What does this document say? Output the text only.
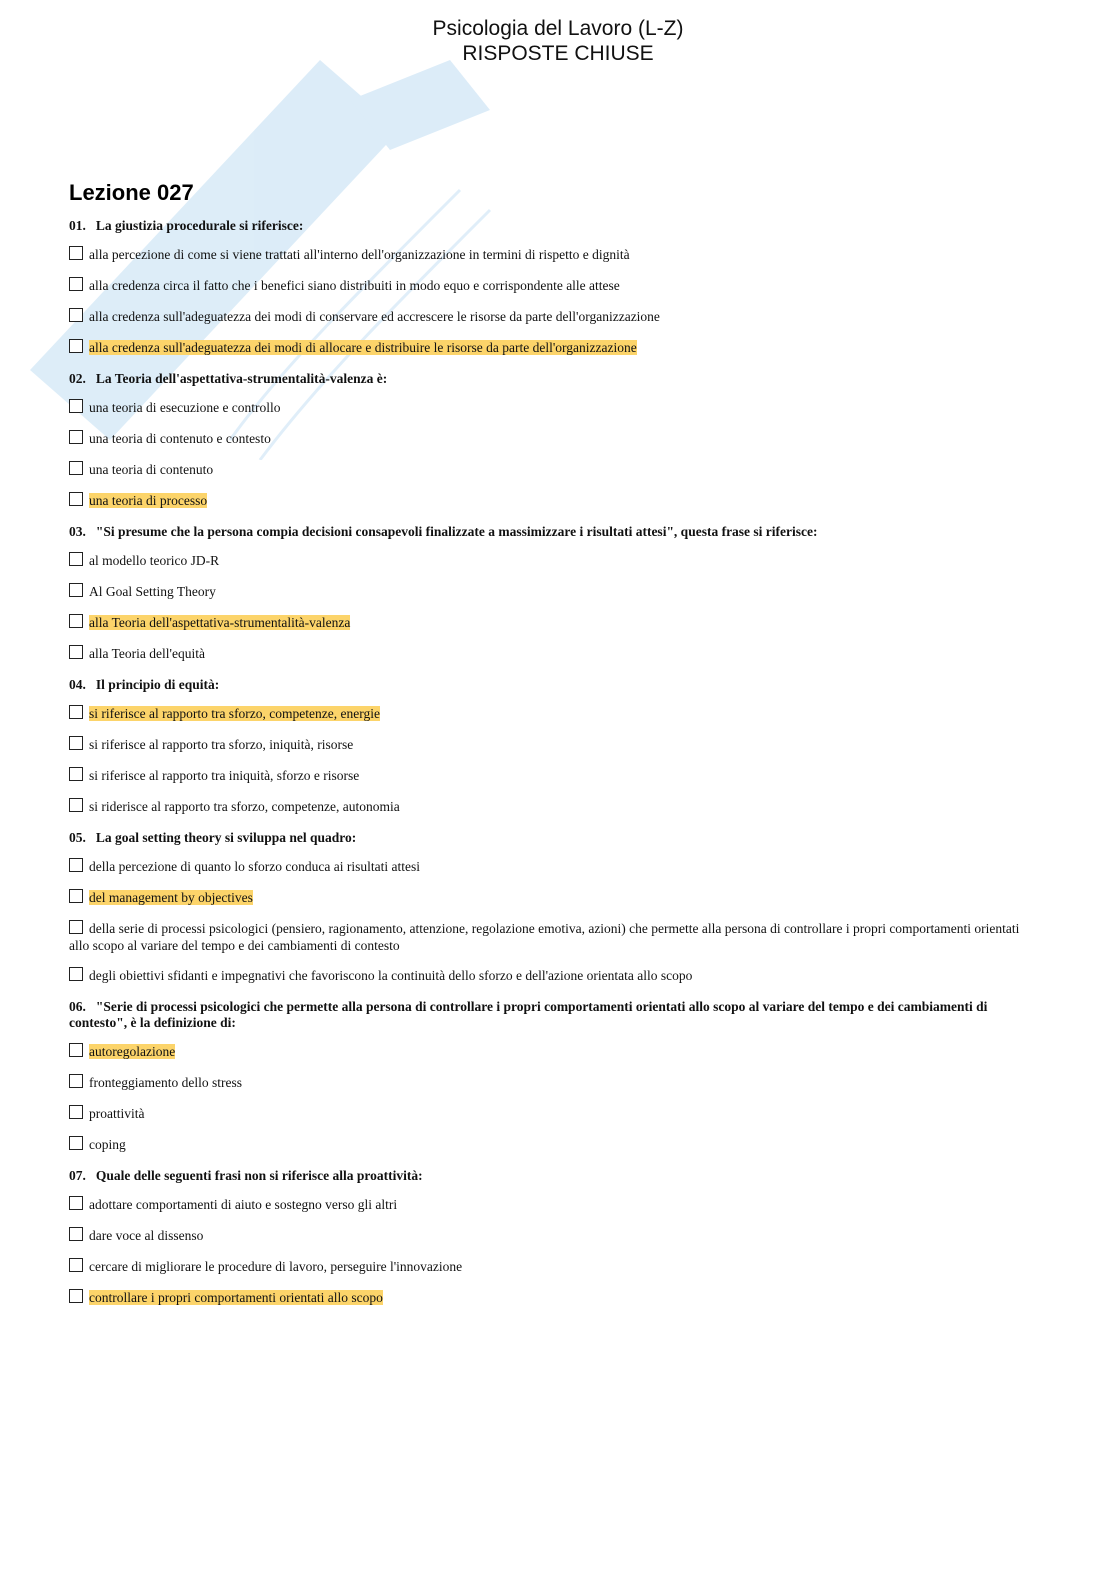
Psicologia del Lavoro (L-Z)
RISPOSTE CHIUSE
Lezione 027
01. La giustizia procedurale si riferisce:
alla percezione di come si viene trattati all'interno dell'organizzazione in termini di rispetto e dignità
alla credenza circa il fatto che i benefici siano distribuiti in modo equo e corrispondente alle attese
alla credenza sull'adeguatezza dei modi di conservare ed accrescere le risorse da parte dell'organizzazione
alla credenza sull'adeguatezza dei modi di allocare e distribuire le risorse da parte dell'organizzazione
02. La Teoria dell'aspettativa-strumentalità-valenza è:
una teoria di esecuzione e controllo
una teoria di contenuto e contesto
una teoria di contenuto
una teoria di processo
03. "Si presume che la persona compia decisioni consapevoli finalizzate a massimizzare i risultati attesi", questa frase si riferisce:
al modello teorico JD-R
Al Goal Setting Theory
alla Teoria dell'aspettativa-strumentalità-valenza
alla Teoria dell'equità
04. Il principio di equità:
si riferisce al rapporto tra sforzo, competenze, energie
si riferisce al rapporto tra sforzo, iniquità, risorse
si riferisce al rapporto tra iniquità, sforzo e risorse
si riderisce al rapporto tra sforzo, competenze, autonomia
05. La goal setting theory si sviluppa nel quadro:
della percezione di quanto lo sforzo conduca ai risultati attesi
del management by objectives
della serie di processi psicologici (pensiero, ragionamento, attenzione, regolazione emotiva, azioni) che permette alla persona di controllare i propri comportamenti orientati allo scopo al variare del tempo e dei cambiamenti di contesto
degli obiettivi sfidanti e impegnativi che favoriscono la continuità dello sforzo e dell'azione orientata allo scopo
06. "Serie di processi psicologici che permette alla persona di controllare i propri comportamenti orientati allo scopo al variare del tempo e dei cambiamenti di contesto", è la definizione di:
autoregolazione
fronteggiamento dello stress
proattività
coping
07. Quale delle seguenti frasi non si riferisce alla proattività:
adottare comportamenti di aiuto e sostegno verso gli altri
dare voce al dissenso
cercare di migliorare le procedure di lavoro, perseguire l'innovazione
controllare i propri comportamenti orientati allo scopo
